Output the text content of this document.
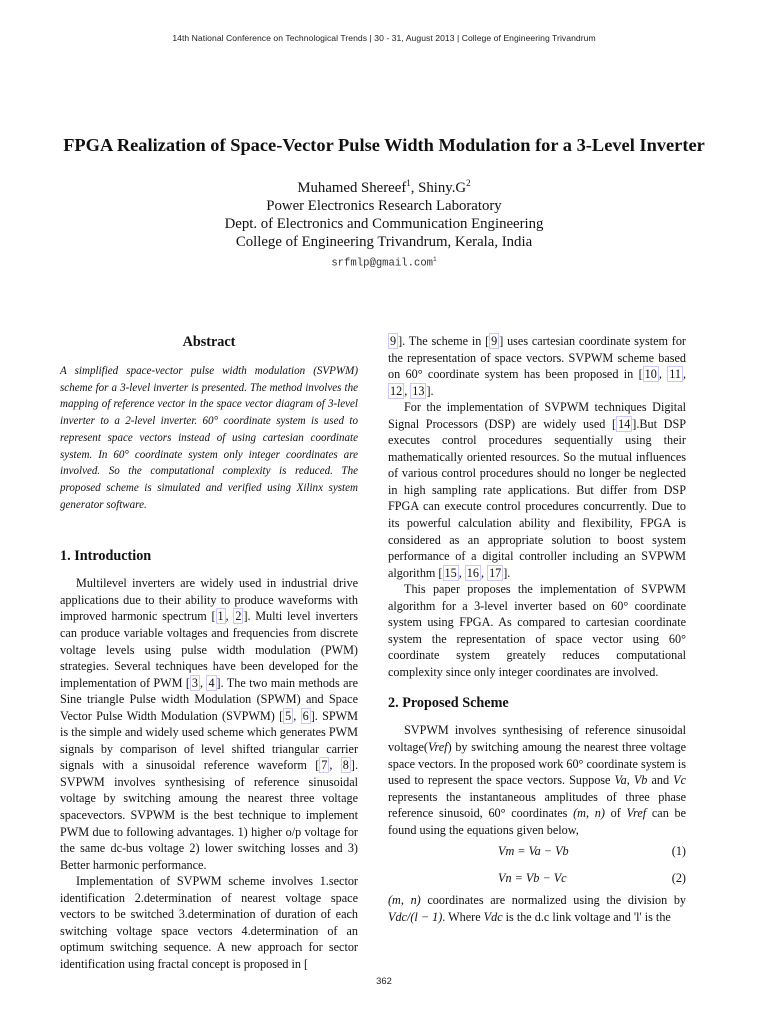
14th National Conference on Technological Trends | 30 - 31, August 2013 | College of Engineering Trivandrum
FPGA Realization of Space-Vector Pulse Width Modulation for a 3-Level Inverter
Muhamed Shereef$^1$, $Shiny.G^2$
Power Electronics Research Laboratory
Dept. of Electronics and Communication Engineering
College of Engineering Trivandrum, Kerala, India
srfmlp@gmail.com$^1$
Abstract

A simplified space-vector pulse width modulation (SVPWM) scheme for a 3-level inverter is presented. The method involves the mapping of reference vector in the space vector diagram of 3-level inverter to a 2-level inverter. 60° coordinate system is used to represent space vectors instead of using cartesian coordinate system. In 60° coordinate system only integer coordinates are involved. So the computational complexity is reduced. The proposed scheme is simulated and verified using Xilinx system generator software.

1. Introduction

Multilevel inverters are widely used in industrial drive applications due to their ability to produce waveforms with improved harmonic spectrum [ 1 , 2 ]. Multi level inverters can produce variable voltages and frequencies from discrete voltage levels using pulse width modulation (PWM) strategies. Several techniques have been developed for the implementation of PWM [ 3 , 4 ]. The two main methods are Sine triangle Pulse width Modulation (SPWM) and Space Vector Pulse Width Modulation (SVPWM) [ 5 , 6 ]. SPWM is the simple and widely used scheme which generates PWM signals by comparison of level shifted triangular carrier signals with a sinusoidal reference waveform [ 7 , 8 ]. SVPWM involves synthesising of reference sinusoidal voltage by switching amoung the nearest three voltage spacevectors. SVPWM is the best technique to implement PWM due to following advantages. 1) higher o/p voltage for the same dc-bus voltage 2) lower switching losses and 3) Better harmonic performance.

Implementation of SVPWM scheme involves 1.sector identification 2.determination of nearest voltage space vectors to be switched 3.determination of duration of each switching voltage space vectors 4.determination of an optimum switching sequence. A new approach for sector identification using fractal concept is proposed in [

9 ]. The scheme in [ 9 ] uses cartesian coordinate system for the representation of space vectors. SVPWM scheme based on 60° coordinate system has been proposed in [ 10 , 11 , 12 , 13 ].

For the implementation of SVPWM techniques Digital Signal Processors (DSP) are widely used [ 14 ].But DSP executes control procedures sequentially using their mathematically oriented resources. So the mutual influences of various control procedures should no longer be neglected in high sampling rate applications. But differ from DSP FPGA can execute control procedures concurrently. Due to its powerful calculation ability and flexibility, FPGA is considered as an appropriate solution to boost system performance of a digital controller including an SVPWM algorithm [ 15 , 16 , 17 ].

This paper proposes the implementation of SVPWM algorithm for a 3-level inverter based on 60° coordinate system using FPGA. As compared to cartesian coordinate system the representation of space vector using 60° coordinate system greately reduces computational complexity since only integer coordinates are involved.

2. Proposed Scheme

SVPWM involves synthesising of reference sinusoidal voltage(Vref) by switching amoung the nearest three voltage space vectors. In the proposed work 60° coordinate system is used to represent the space vectors. Suppose Va, Vb and Vc represents the instantaneous amplitudes of three phase reference sinusoid, 60° coordinates (m, n) of Vref can be found using the equations given below,

Vm = Va − Vb	(1)
Vn = Vb − Vc	(2)

(m, n) coordinates are normalized using the division by Vdc/(l − 1). Where Vdc is the d.c link voltage and 'l' is the

362
